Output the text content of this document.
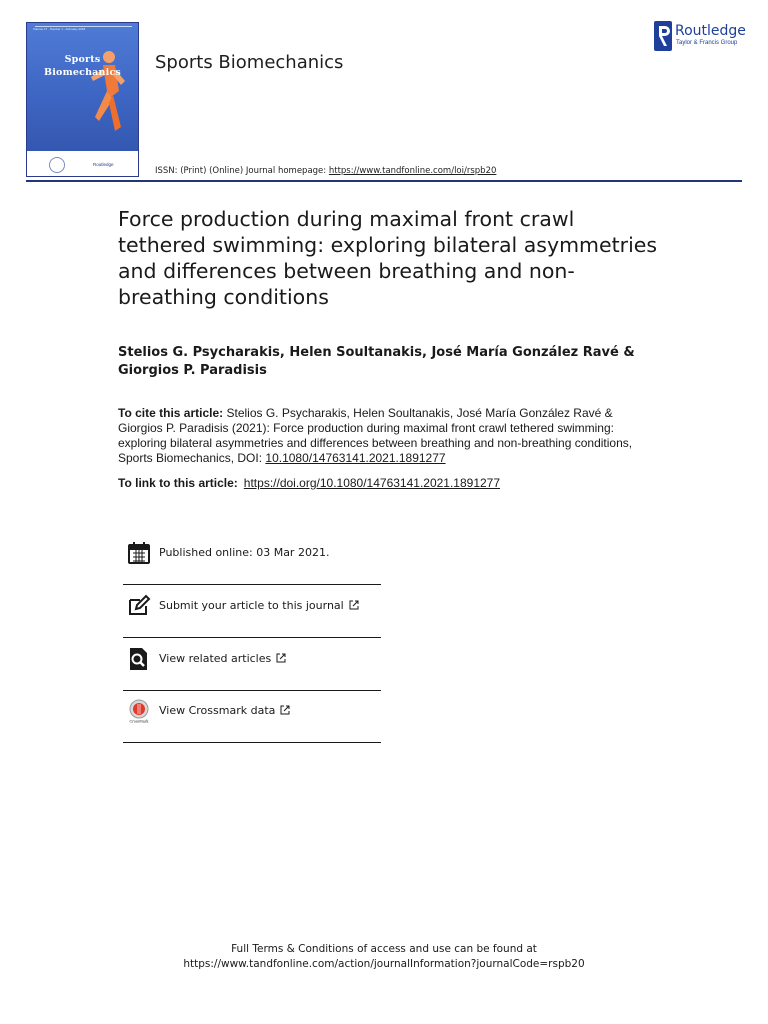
Volume 17 · Number 1 · February 2018
Sports
Biomechanics
Routledge
Sports Biomechanics
Routledge
Taylor & Francis Group
ISSN: (Print) (Online) Journal homepage: https://www.tandfonline.com/loi/rspb20
Force production during maximal front crawl tethered swimming: exploring bilateral asymmetries and differences between breathing and non-breathing conditions
Stelios G. Psycharakis, Helen Soultanakis, José María González Ravé &
Giorgios P. Paradisis
To cite this article: Stelios G. Psycharakis, Helen Soultanakis, José María González Ravé & Giorgios P. Paradisis (2021): Force production during maximal front crawl tethered swimming: exploring bilateral asymmetries and differences between breathing and non-breathing conditions, Sports Biomechanics, DOI: 10.1080/14763141.2021.1891277
To link to this article: https://doi.org/10.1080/14763141.2021.1891277
Published online: 03 Mar 2021.
Submit your article to this journal
View related articles
CrossMark
View Crossmark data
Full Terms & Conditions of access and use can be found at
https://www.tandfonline.com/action/journalInformation?journalCode=rspb20
